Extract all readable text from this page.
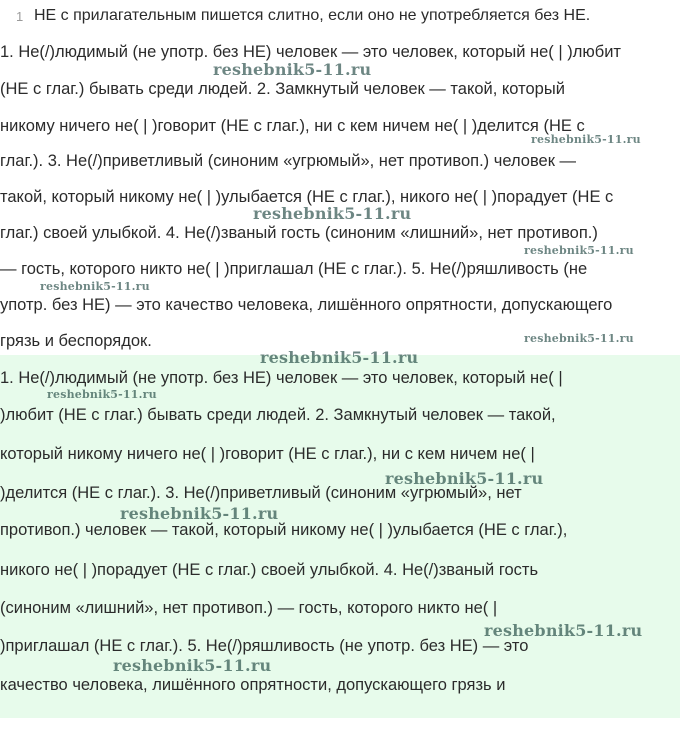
1 НЕ с прилагательным пишется слитно, если оно не употребляется без НЕ.
1. Не(/)людимый (не употр. без НЕ) человек — это человек, который не( | )любит
(НЕ с глаг.) бывать среди людей. 2. Замкнутый человек — такой, который
никому ничего не( | )говорит (НЕ с глаг.), ни с кем ничем не( | )делится (НЕ с
глаг.). 3. Не(/)приветливый (синоним «угрюмый», нет противоп.) человек —
такой, который никому не( | )улыбается (НЕ с глаг.), никого не( | )порадует (НЕ с
глаг.) своей улыбкой. 4. Не(/)званый гость (синоним «лишний», нет противоп.)
— гость, которого никто не( | )приглашал (НЕ с глаг.). 5. Не(/)ряшливость (не
употр. без НЕ) — это качество человека, лишённого опрятности, допускающего
грязь и беспорядок.
1. Не(/)людимый (не употр. без НЕ) человек — это человек, который не( |
)любит (НЕ с глаг.) бывать среди людей. 2. Замкнутый человек — такой,
который никому ничего не( | )говорит (НЕ с глаг.), ни с кем ничем не( |
)делится (НЕ с глаг.). 3. Не(/)приветливый (синоним «угрюмый», нет
противоп.) человек — такой, который никому не( | )улыбается (НЕ с глаг.),
никого не( | )порадует (НЕ с глаг.) своей улыбкой. 4. Не(/)званый гость
(синоним «лишний», нет противоп.) — гость, которого никто не( |
)приглашал (НЕ с глаг.). 5. Не(/)ряшливость (не употр. без НЕ) — это
качество человека, лишённого опрятности, допускающего грязь и
reshebnik5-11.ru
reshebnik5-11.ru
reshebnik5-11.ru
reshebnik5-11.ru
reshebnik5-11.ru
reshebnik5-11.ru
reshebnik5-11.ru
reshebnik5-11.ru
reshebnik5-11.ru
reshebnik5-11.ru
reshebnik5-11.ru
reshebnik5-11.ru
